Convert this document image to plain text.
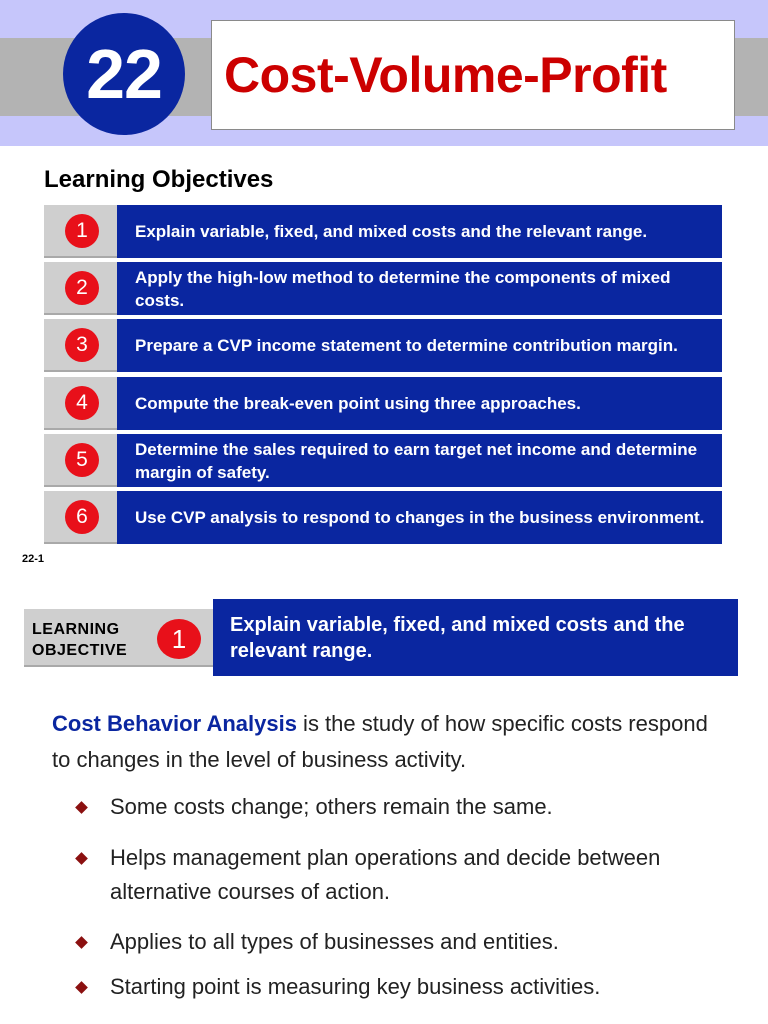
22	Cost-Volume-Profit
Learning Objectives
1	Explain variable, fixed, and mixed costs and the relevant range.
2	Apply the high-low method to determine the components of mixed costs.
3	Prepare a CVP income statement to determine contribution margin.
4	Compute the break-even point using three approaches.
5	Determine the sales required to earn target net income and determine margin of safety.
6	Use CVP analysis to respond to changes in the business environment.
22-1
LEARNING
OBJECTIVE	1	Explain variable, fixed, and mixed costs and the relevant range.
Cost Behavior Analysis is the study of how specific costs respond to changes in the level of business activity.
Some costs change; others remain the same.
Helps management plan operations and decide between alternative courses of action.
Applies to all types of businesses and entities.
Starting point is measuring key business activities.
